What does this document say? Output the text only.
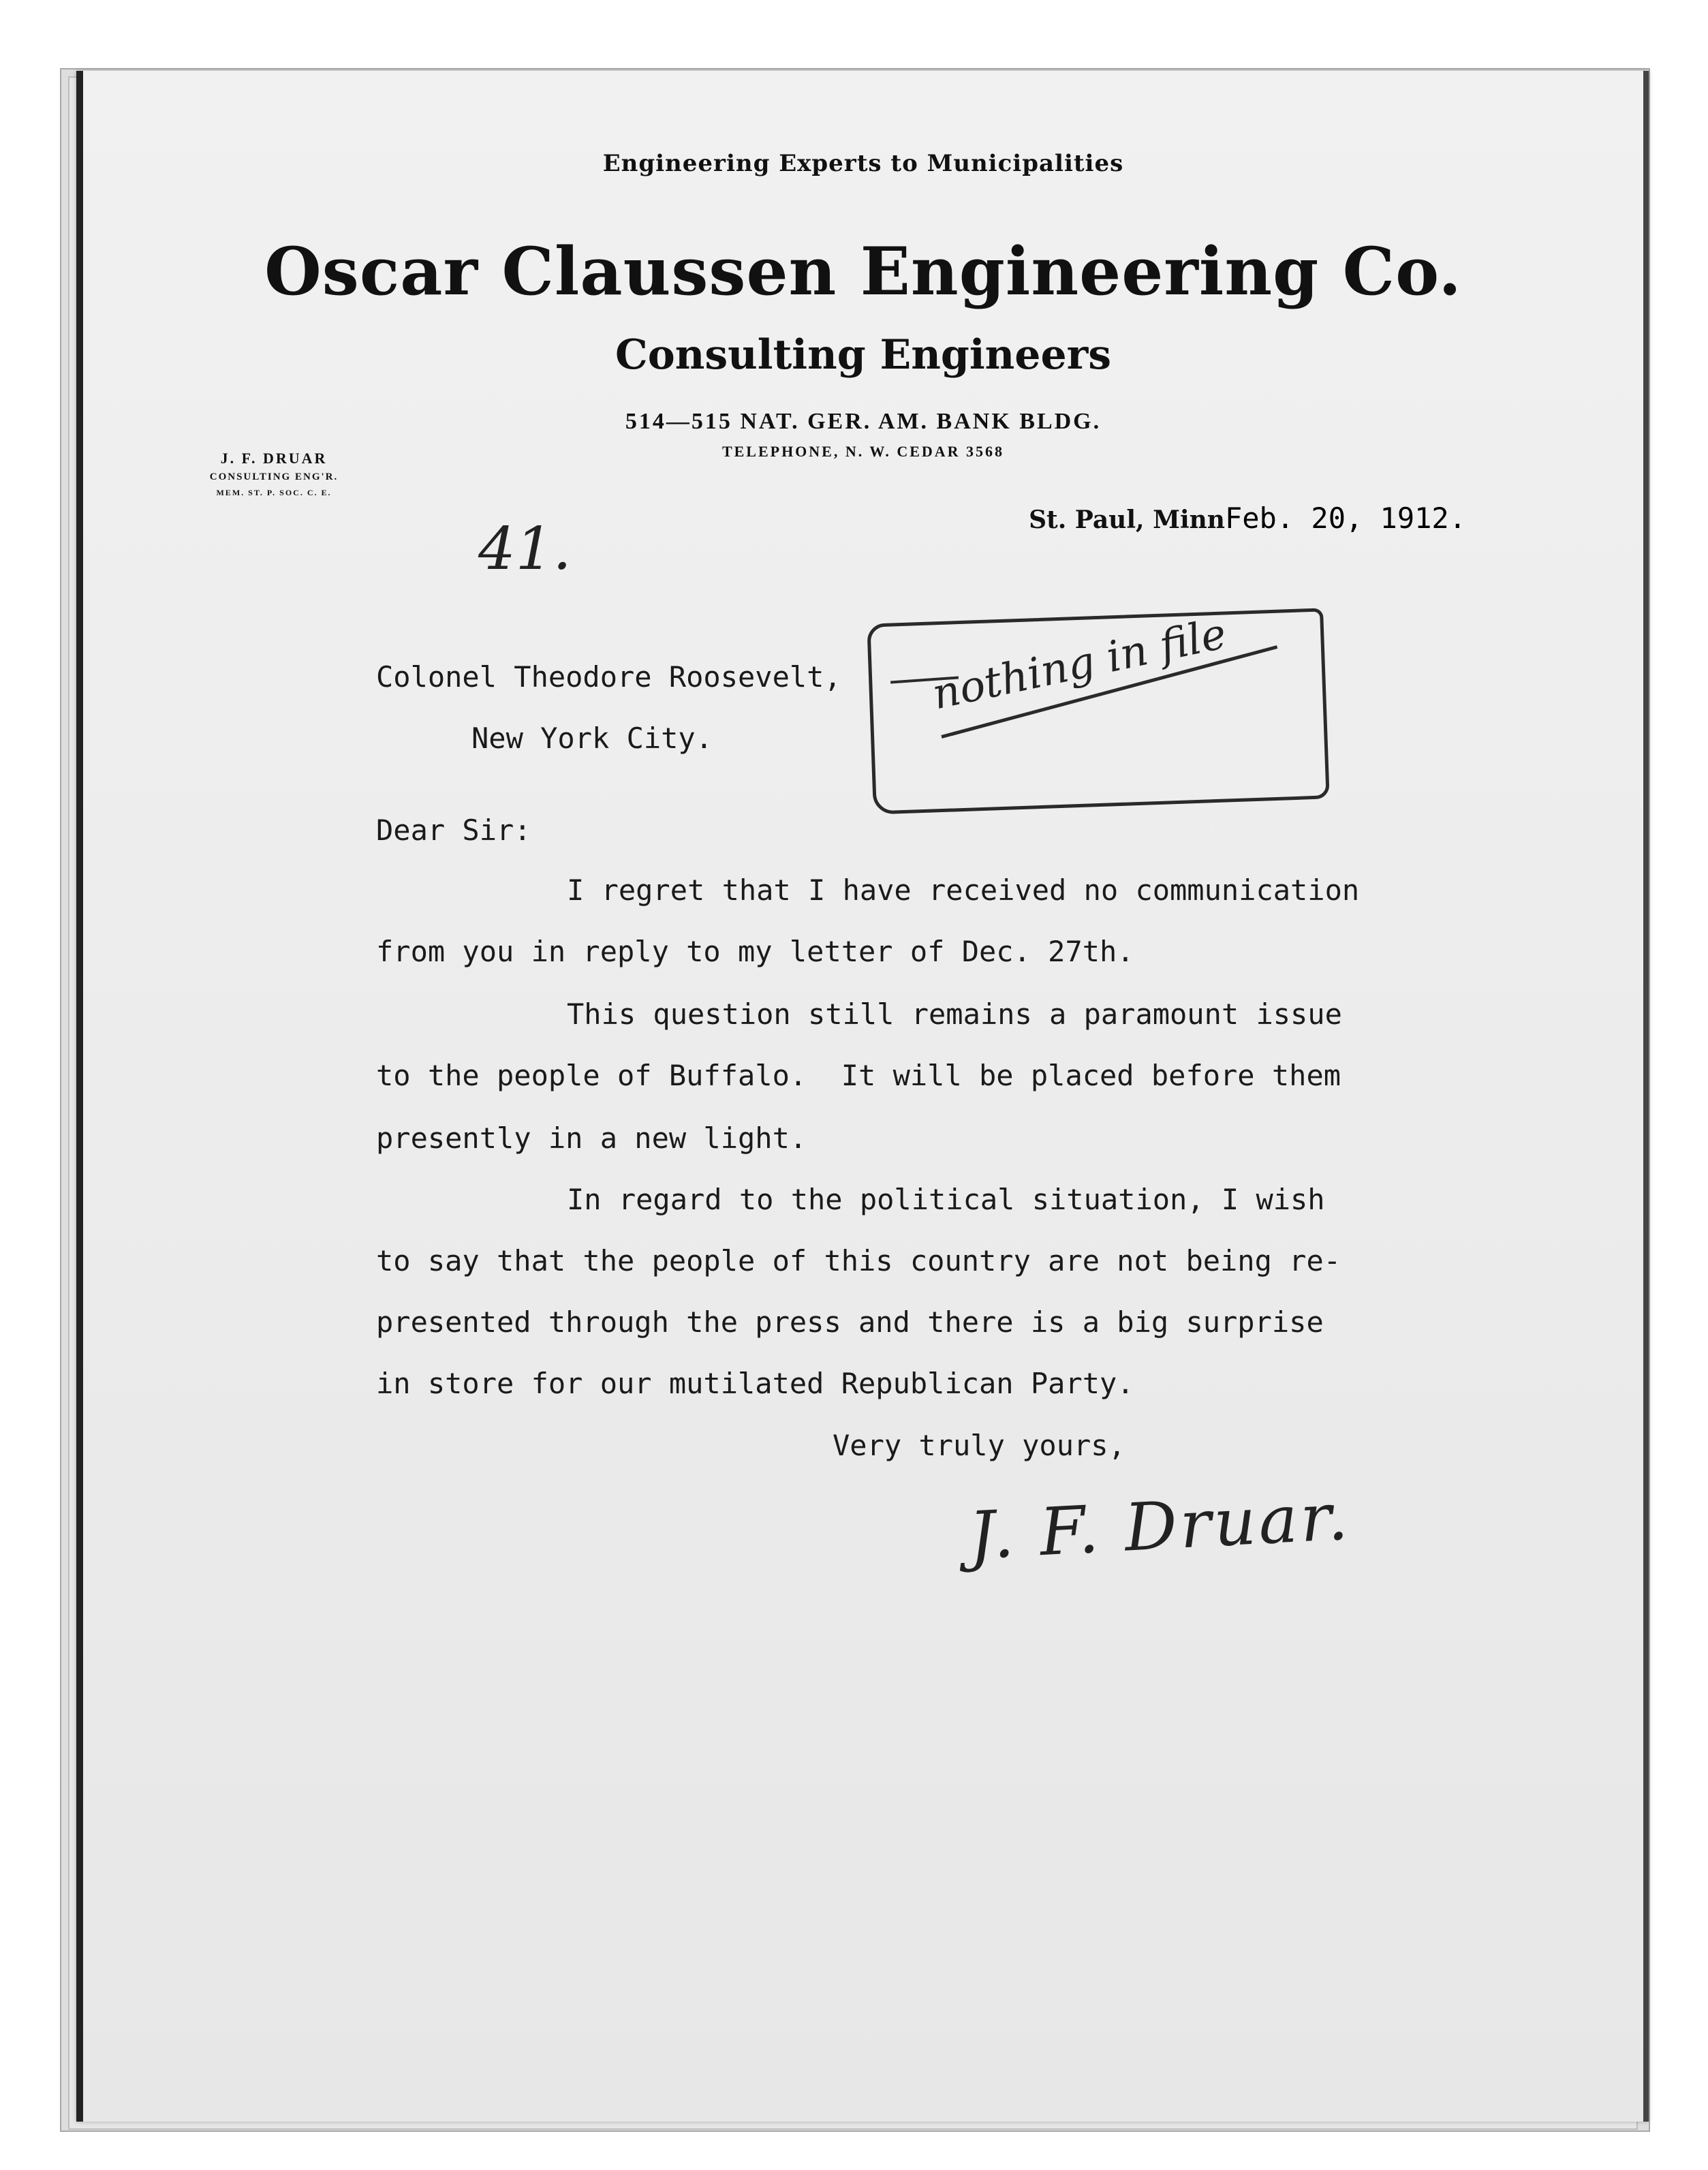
Engineering Experts to Municipalities

Oscar Claussen Engineering Co.

Consulting Engineers

514—515 NAT. GER. AM. BANK BLDG.

TELEPHONE, N. W. CEDAR 3568

J. F. DRUAR

CONSULTING ENG'R.

MEM. ST. P. SOC. C. E.

St. Paul, MinnFeb. 20, 1912.

41.

nothing in file

Colonel Theodore Roosevelt,

New York City.

Dear Sir:

I regret that I have received no communication

from you in reply to my letter of Dec. 27th.

This question still remains a paramount issue

to the people of Buffalo.  It will be placed before them

presently in a new light.

In regard to the political situation, I wish

to say that the people of this country are not being re-

presented through the press and there is a big surprise

in store for our mutilated Republican Party.

Very truly yours,

J. F. Druar.
